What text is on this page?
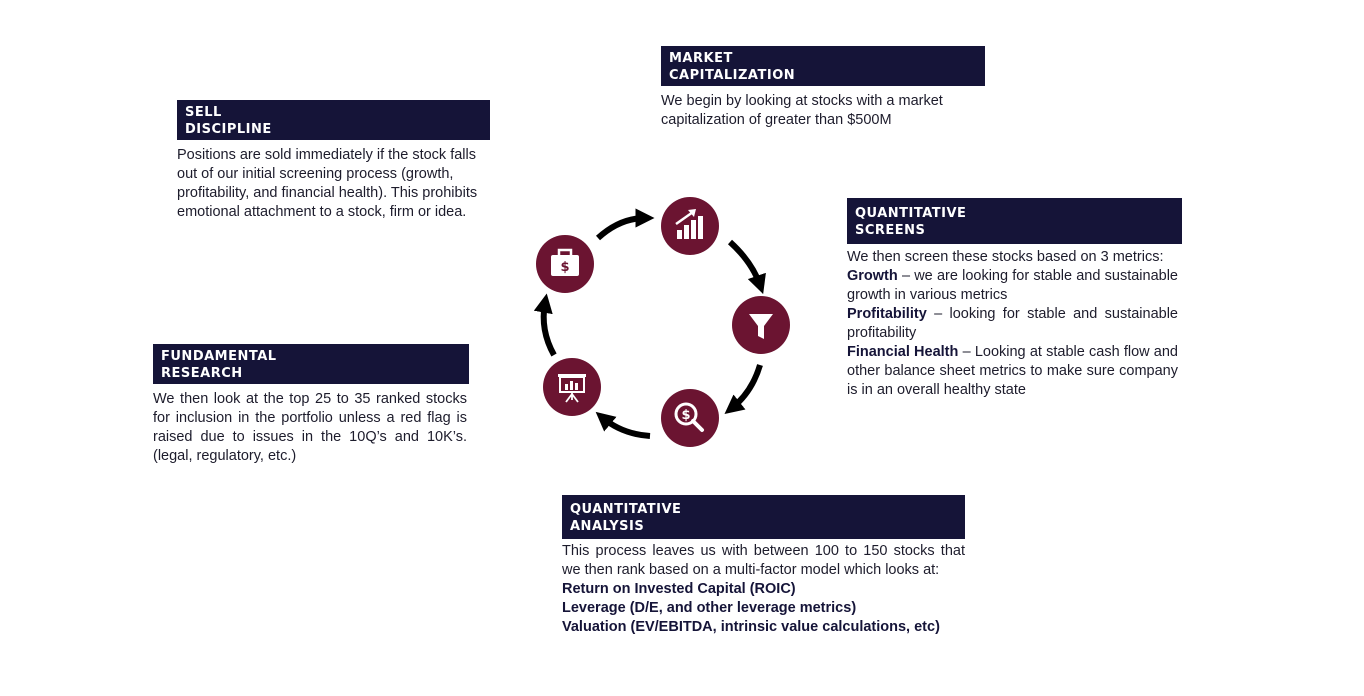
MARKET
CAPITALIZATION

We begin by looking at stocks with a market capitalization of greater than $500M

SELL
DISCIPLINE

Positions are sold immediately if the stock falls out of our initial screening process (growth, profitability, and financial health). This prohibits emotional attachment to a stock, firm or idea.

FUNDAMENTAL
RESEARCH

We then look at the top 25 to 35 ranked stocks for inclusion in the portfolio unless a red flag is raised due to issues in the 10Q’s and 10K’s. (legal, regulatory, etc.)

QUANTITATIVE
SCREENS

We then screen these stocks based on 3 metrics:

Growth – we are looking for stable and sustainable growth in various metrics

Profitability – looking for stable and sustainable profitability

Financial Health – Looking at stable cash flow and other balance sheet metrics to make sure company is in an overall healthy state

QUANTITATIVE
ANALYSIS

This process leaves us with between 100 to 150 stocks that we then rank based on a multi-factor model which looks at:

Return on Invested Capital (ROIC)
Leverage (D/E, and other leverage metrics)
Valuation (EV/EBITDA, intrinsic value calculations, etc)
$
$
